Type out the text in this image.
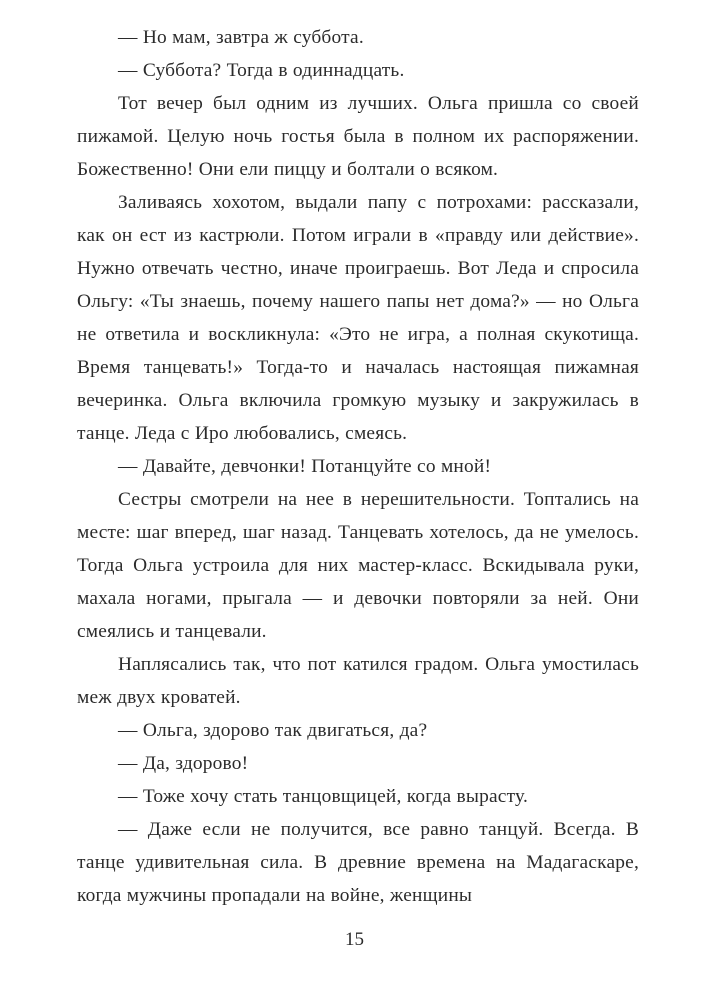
— Но мам, завтра ж суббота.

— Суббота? Тогда в одиннадцать.

Тот вечер был одним из лучших. Ольга пришла со своей пижамой. Целую ночь гостья была в полном их распоряжении. Божественно! Они ели пиццу и болтали о всяком.

Заливаясь хохотом, выдали папу с потрохами: рассказали, как он ест из кастрюли. Потом играли в «правду или действие». Нужно отвечать честно, иначе проиграешь. Вот Леда и спросила Ольгу: «Ты знаешь, почему нашего папы нет дома?» — но Ольга не ответила и воскликнула: «Это не игра, а полная скукотища. Время танцевать!» Тогда-то и началась настоящая пижамная вечеринка. Ольга включила громкую музыку и закружилась в танце. Леда с Иро любовались, смеясь.

— Давайте, девчонки! Потанцуйте со мной!

Сестры смотрели на нее в нерешительности. Топтались на месте: шаг вперед, шаг назад. Танцевать хотелось, да не умелось. Тогда Ольга устроила для них мастер-класс. Вскидывала руки, махала ногами, прыгала — и девочки повторяли за ней. Они смеялись и танцевали.

Наплясались так, что пот катился градом. Ольга умостилась меж двух кроватей.

— Ольга, здорово так двигаться, да?

— Да, здорово!

— Тоже хочу стать танцовщицей, когда вырасту.

— Даже если не получится, все равно танцуй. Всегда. В танце удивительная сила. В древние времена на Мадагаскаре, когда мужчины пропадали на войне, женщины

15
